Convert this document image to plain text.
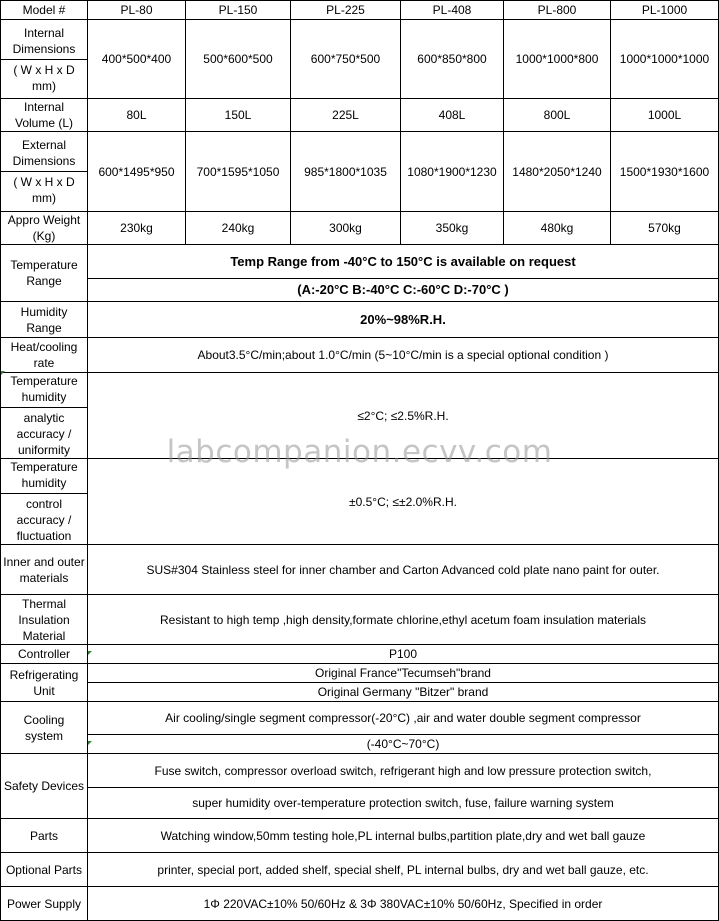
Model #	PL-80	PL-150	PL-225	PL-408	PL-800	PL-1000

Internal Dimensions
( W x H x D mm)	400*500*400	500*600*500	600*750*500	600*850*800	1000*1000*800	1000*1000*1000
Internal Volume (L)	80L	150L	225L	408L	800L	1000L

External Dimensions
( W x H x D mm)	600*1495*950	700*1595*1050	985*1800*1035	1080*1900*1230	1480*2050*1240	1500*1930*1600
Appro Weight (Kg)	230kg	240kg	300kg	350kg	480kg	570kg
Temperature Range	Temp Range from -40°C to 150°C is available on request					
	(A:-20°C B:-40°C C:-60°C D:-70°C )					
Humidity Range	20%~98%R.H.					
Heat/cooling rate	About3.5°C/min;about 1.0°C/min (5~10°C/min is a special optional condition )					

Temperature humidity
analytic accuracy / uniformity	≤2°C; ≤2.5%R.H.					

Temperature humidity
control accuracy / fluctuation	±0.5°C; ≤±2.0%R.H.					
Inner and outer materials	SUS#304 Stainless steel for inner chamber and Carton Advanced cold plate nano paint for outer.					
Thermal Insulation Material	Resistant to high temp ,high density,formate chlorine,ethyl acetum foam insulation materials					
Controller	P100					
Refrigerating Unit	Original France"Tecumseh"brand					
	Original Germany "Bitzer" brand					
Cooling system	Air cooling/single segment compressor(-20°C) ,air and water double segment compressor					
	(-40°C~70°C)					
Safety Devices	Fuse switch, compressor overload switch, refrigerant high and low pressure protection switch,					
	super humidity over-temperature protection switch, fuse, failure warning system					
Parts	Watching window,50mm testing hole,PL internal bulbs,partition plate,dry and wet ball gauze					
Optional Parts	printer, special port, added shelf, special shelf, PL internal bulbs, dry and wet ball gauze, etc.					
Power Supply	1Φ 220VAC±10% 50/60Hz & 3Φ 380VAC±10% 50/60Hz, Specified in order					
labcompanion.ecvv.com
